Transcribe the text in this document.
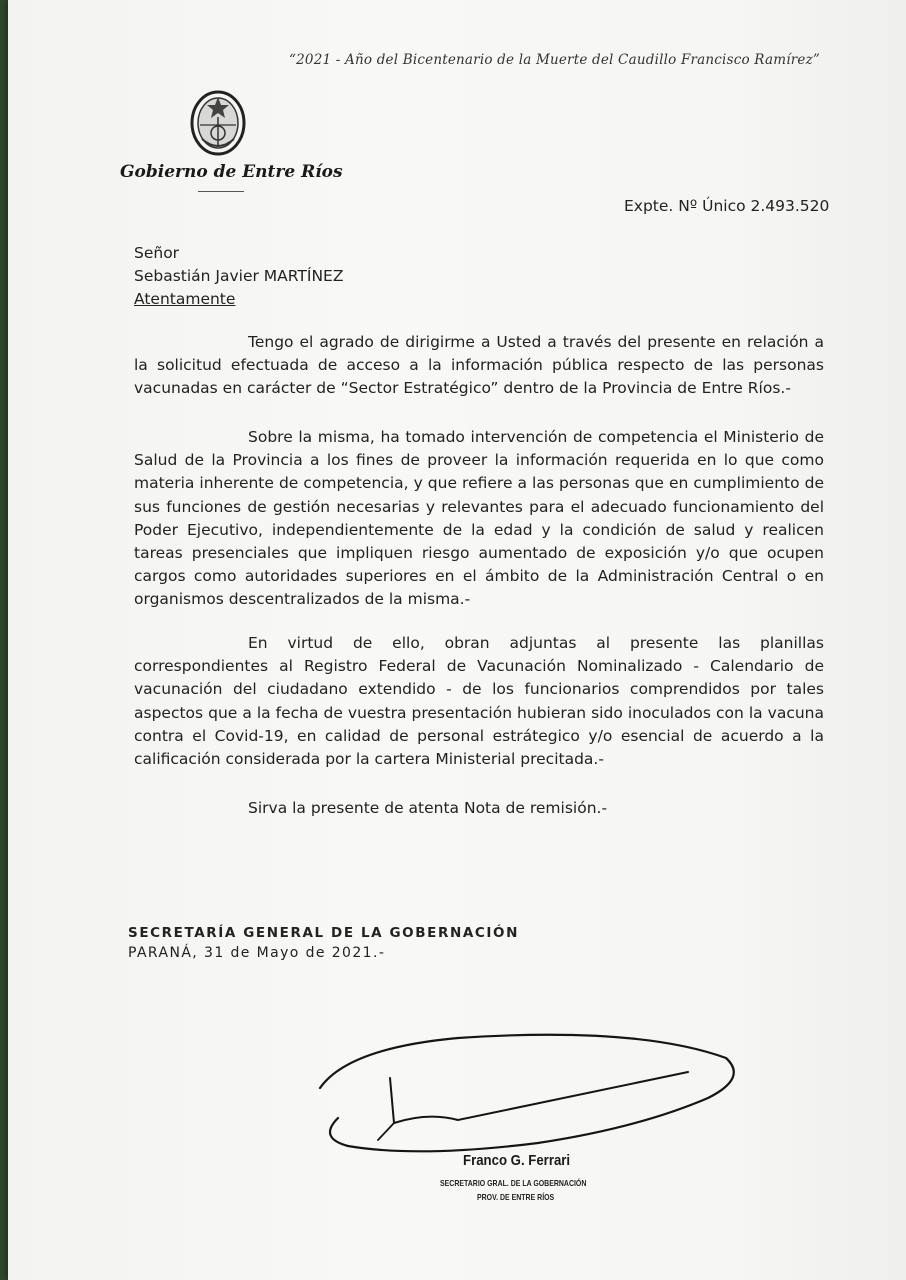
“2021 - Año del Bicentenario de la Muerte del Caudillo Francisco Ramírez”
Gobierno de Entre Ríos
Expte. Nº Único 2.493.520
Señor
Sebastián Javier MARTÍNEZ
Atentamente
Tengo el agrado de dirigirme a Usted a través del presente en relación a la solicitud efectuada de acceso a la información pública respecto de las personas vacunadas en carácter de “Sector Estratégico” dentro de la Provincia de Entre Ríos.-
Sobre la misma, ha tomado intervención de competencia el Ministerio de Salud de la Provincia a los fines de proveer la información requerida en lo que como materia inherente de competencia, y que refiere a las personas que en cumplimiento de sus funciones de gestión necesarias y relevantes para el adecuado funcionamiento del Poder Ejecutivo, independientemente de la edad y la condición de salud y realicen tareas presenciales que impliquen riesgo aumentado de exposición y/o que ocupen cargos como autoridades superiores en el ámbito de la Administración Central o en organismos descentralizados de la misma.-
En virtud de ello, obran adjuntas al presente las planillas correspondientes al Registro Federal de Vacunación Nominalizado - Calendario de vacunación del ciudadano extendido - de los funcionarios comprendidos por tales aspectos que a la fecha de vuestra presentación hubieran sido inoculados con la vacuna contra el Covid-19, en calidad de personal estrátegico y/o esencial de acuerdo a la calificación considerada por la cartera Ministerial precitada.-
Sirva la presente de atenta Nota de remisión.-
SECRETARÍA GENERAL DE LA GOBERNACIÓN
PARANÁ, 31 de Mayo de 2021.-
Franco G. Ferrari
SECRETARIO GRAL. DE LA GOBERNACIÓN
PROV. DE ENTRE RÍOS
